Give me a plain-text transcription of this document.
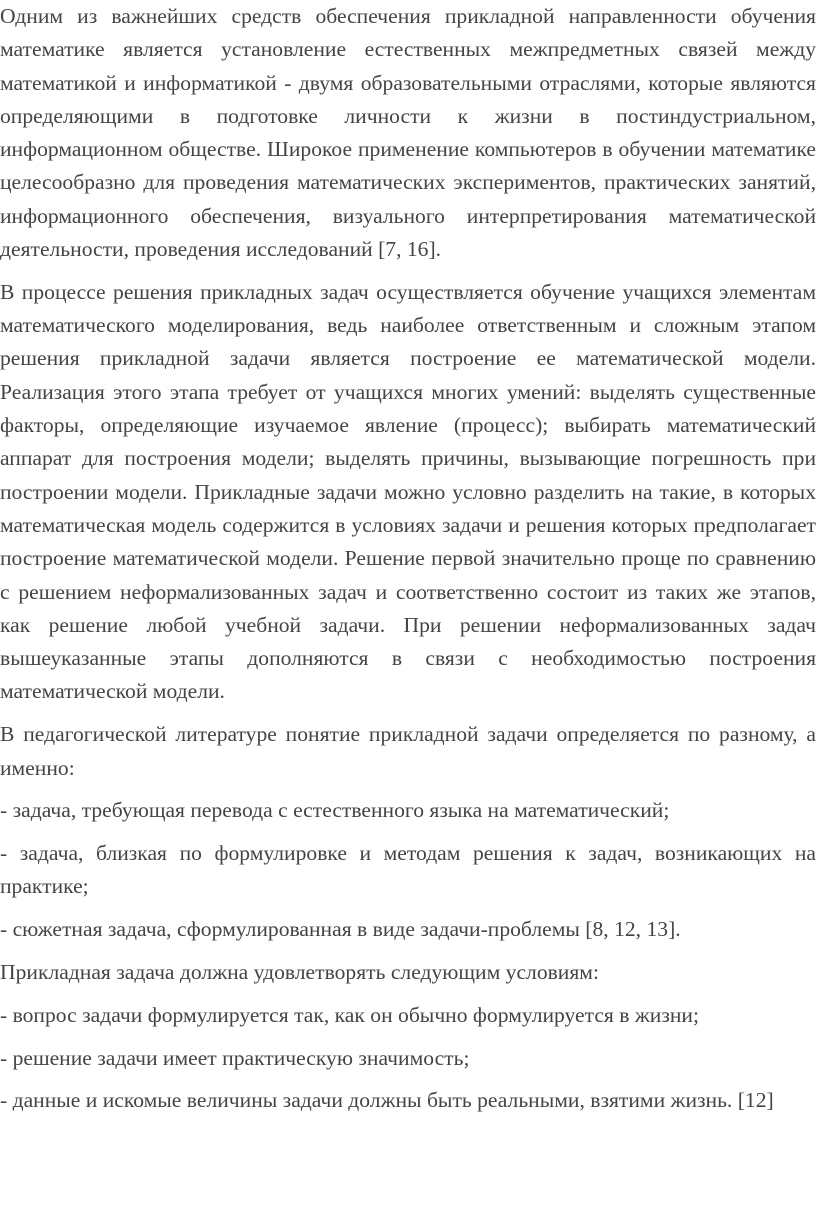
Одним из важнейших средств обеспечения прикладной направленности обучения математике является установление естественных межпредметных связей между математикой и информатикой - двумя образовательными отраслями, которые являются определяющими в подготовке личности к жизни в постиндустриальном, информационном обществе. Широкое применение компьютеров в обучении математике целесообразно для проведения математических экспериментов, практических занятий, информационного обеспечения, визуального интерпретирования математической деятельности, проведения исследований [7, 16].

В процессе решения прикладных задач осуществляется обучение учащихся элементам математического моделирования, ведь наиболее ответственным и сложным этапом решения прикладной задачи является построение ее математической модели. Реализация этого этапа требует от учащихся многих умений: выделять существенные факторы, определяющие изучаемое явление (процесс); выбирать математический аппарат для построения модели; выделять причины, вызывающие погрешность при построении модели. Прикладные задачи можно условно разделить на такие, в которых математическая модель содержится в условиях задачи и решения которых предполагает построение математической модели. Решение первой значительно проще по сравнению с решением неформализованных задач и соответственно состоит из таких же этапов, как решение любой учебной задачи. При решении неформализованных задач вышеуказанные этапы дополняются в связи с необходимостью построения математической модели.

В педагогической литературе понятие прикладной задачи определяется по разному, а именно:

- задача, требующая перевода с естественного языка на математический;

- задача, близкая по формулировке и методам решения к задач, возникающих на практике;

- сюжетная задача, сформулированная в виде задачи-проблемы [8, 12, 13].

Прикладная задача должна удовлетворять следующим условиям:

- вопрос задачи формулируется так, как он обычно формулируется в жизни;

- решение задачи имеет практическую значимость;

- данные и искомые величины задачи должны быть реальными, взятими жизнь. [12]
